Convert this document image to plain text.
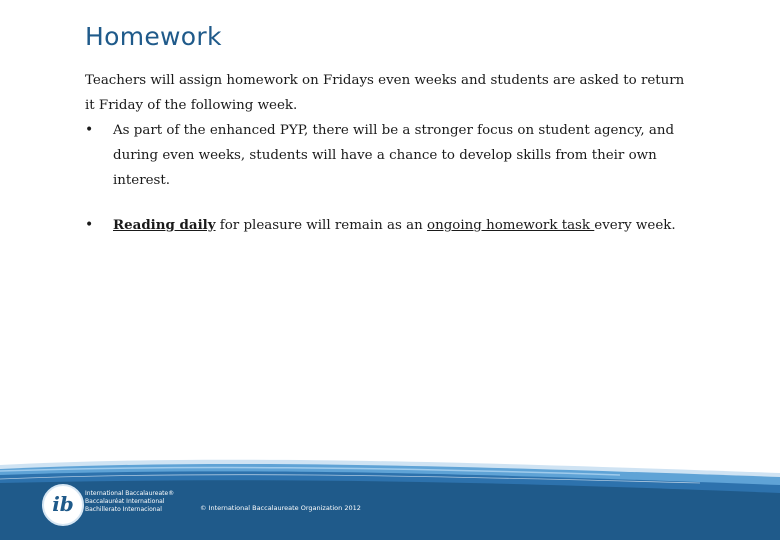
Homework

Teachers will assign homework on Fridays even weeks and students are asked to return it Friday of the following week.

• As part of the enhanced PYP, there will be a stronger focus on student agency, and during even weeks, students will have a chance to develop skills from their own interest.
• Reading daily for pleasure will remain as an ongoing homework task every week.
ib	International Baccalaureate®
Baccalauréat International
Bachillerato Internacional	© International Baccalaureate Organization 2012
